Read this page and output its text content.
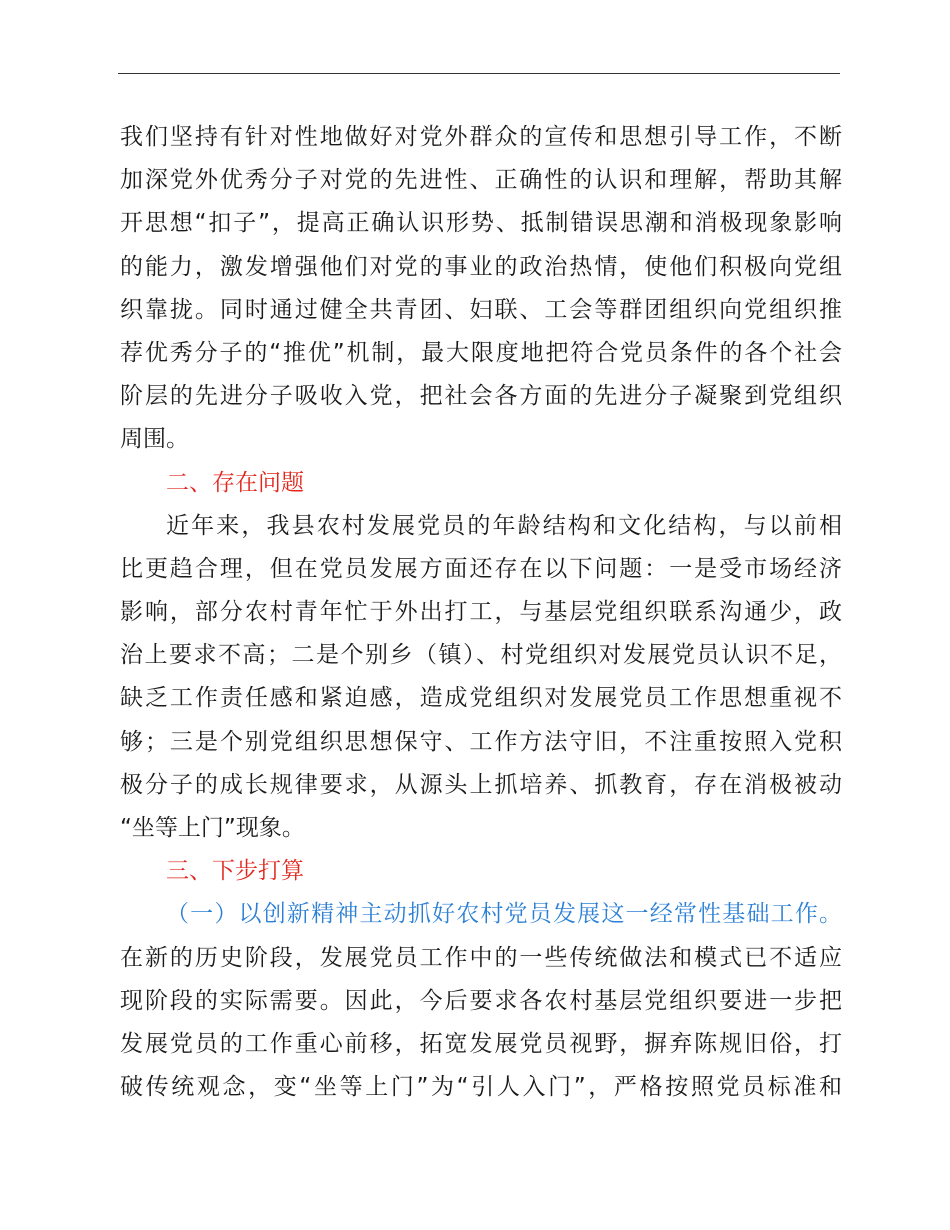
我们坚持有针对性地做好对党外群众的宣传和思想引导工作，不断
加深党外优秀分子对党的先进性、正确性的认识和理解，帮助其解
开思想“扣子”，提高正确认识形势、抵制错误思潮和消极现象影响
的能力，激发增强他们对党的事业的政治热情，使他们积极向党组
织靠拢。同时通过健全共青团、妇联、工会等群团组织向党组织推
荐优秀分子的“推优”机制，最大限度地把符合党员条件的各个社会
阶层的先进分子吸收入党，把社会各方面的先进分子凝聚到党组织
周围。
二、存在问题
近年来，我县农村发展党员的年龄结构和文化结构，与以前相
比更趋合理，但在党员发展方面还存在以下问题：一是受市场经济
影响，部分农村青年忙于外出打工，与基层党组织联系沟通少，政
治上要求不高；二是个别乡（镇）、村党组织对发展党员认识不足，
缺乏工作责任感和紧迫感，造成党组织对发展党员工作思想重视不
够；三是个别党组织思想保守、工作方法守旧，不注重按照入党积
极分子的成长规律要求，从源头上抓培养、抓教育，存在消极被动
“坐等上门”现象。
三、下步打算
（一）以创新精神主动抓好农村党员发展这一经常性基础工作。
在新的历史阶段，发展党员工作中的一些传统做法和模式已不适应
现阶段的实际需要。因此，今后要求各农村基层党组织要进一步把
发展党员的工作重心前移，拓宽发展党员视野，摒弃陈规旧俗，打
破传统观念，变“坐等上门”为“引人入门”，严格按照党员标准和
